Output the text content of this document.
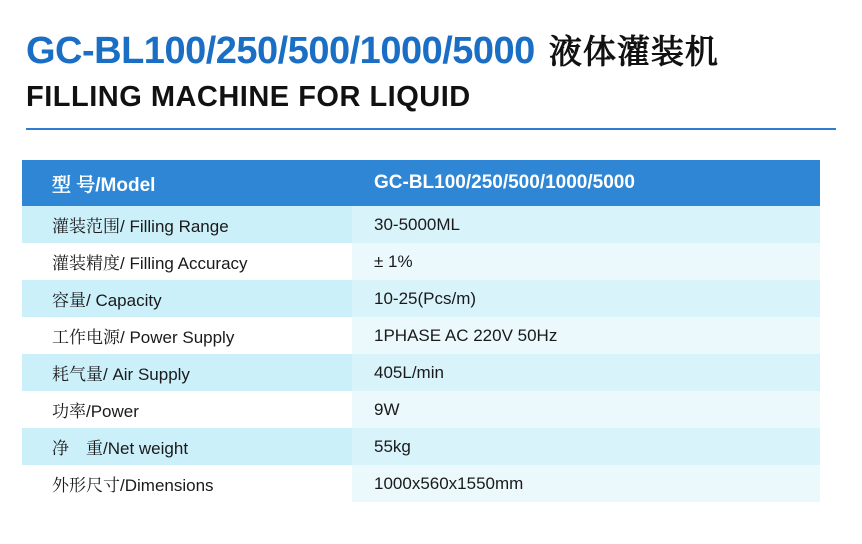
GC-BL100/250/500/1000/5000 液体灌装机
FILLING MACHINE FOR LIQUID
型 号/Model	GC-BL100/250/500/1000/5000
灌装范围/ Filling Range	30-5000ML
灌装精度/ Filling Accuracy	± 1%
容量/ Capacity	10-25(Pcs/m)
工作电源/ Power Supply	1PHASE AC 220V 50Hz
耗气量/ Air Supply	405L/min
功率/Power	9W
净　重/Net weight	55kg
外形尺寸/Dimensions	1000x560x1550mm
